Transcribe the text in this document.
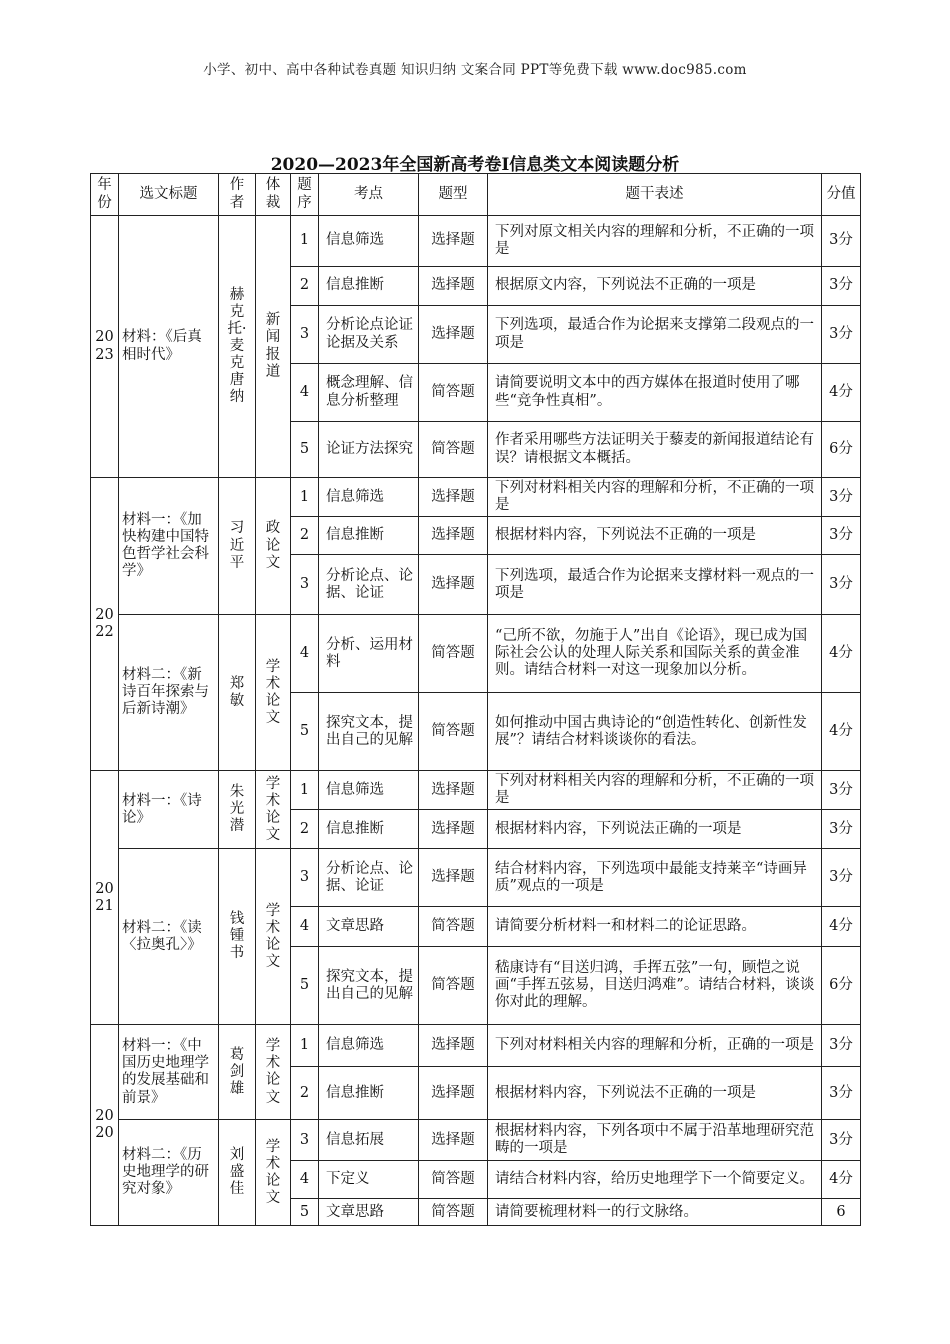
小学、初中、高中各种试卷真题 知识归纳 文案合同 PPT等免费下载 www.doc985.com
2020—2023年全国新高考卷Ⅰ信息类文本阅读题分析
年份	选文标题	作者	体裁	题序	考点	题型	题干表述	分值
2023	材料：《后真相时代》	赫克托·麦克唐纳	新闻报道	1	信息筛选	选择题	下列对原文相关内容的理解和分析，不正确的一项是	3分
				2	信息推断	选择题	根据原文内容，下列说法不正确的一项是	3分
				3	分析论点论证论据及关系	选择题	下列选项，最适合作为论据来支撑第二段观点的一项是	3分
				4	概念理解、信息分析整理	简答题	请简要说明文本中的西方媒体在报道时使用了哪些“竞争性真相”。	4分
				5	论证方法探究	简答题	作者采用哪些方法证明关于藜麦的新闻报道结论有误？请根据文本概括。	6分
2022	材料一：《加快构建中国特色哲学社会科学》	习近平	政论文	1	信息筛选	选择题	下列对材料相关内容的理解和分析，不正确的一项是	3分
				2	信息推断	选择题	根据材料内容，下列说法不正确的一项是	3分
				3	分析论点、论据、论证	选择题	下列选项，最适合作为论据来支撑材料一观点的一项是	3分
	材料二：《新诗百年探索与后新诗潮》	郑敏	学术论文	4	分析、运用材料	简答题	“己所不欲，勿施于人”出自《论语》，现已成为国际社会公认的处理人际关系和国际关系的黄金准则。请结合材料一对这一现象加以分析。	4分
				5	探究文本，提出自己的见解	简答题	如何推动中国古典诗论的“创造性转化、创新性发展”？请结合材料谈谈你的看法。	4分
2021	材料一：《诗论》	朱光潜	学术论文	1	信息筛选	选择题	下列对材料相关内容的理解和分析，不正确的一项是	3分
				2	信息推断	选择题	根据材料内容，下列说法正确的一项是	3分
	材料二：《读〈拉奥孔〉》	钱锺书	学术论文	3	分析论点、论据、论证	选择题	结合材料内容，下列选项中最能支持莱辛“诗画异质”观点的一项是	3分
				4	文章思路	简答题	请简要分析材料一和材料二的论证思路。	4分
				5	探究文本，提出自己的见解	简答题	嵇康诗有“目送归鸿，手挥五弦”一句，顾恺之说画“手挥五弦易，目送归鸿难”。请结合材料，谈谈你对此的理解。	6分
2020	材料一：《中国历史地理学的发展基础和前景》	葛剑雄	学术论文	1	信息筛选	选择题	下列对材料相关内容的理解和分析，正确的一项是	3分
				2	信息推断	选择题	根据材料内容，下列说法不正确的一项是	3分
	材料二：《历史地理学的研究对象》	刘盛佳	学术论文	3	信息拓展	选择题	根据材料内容，下列各项中不属于沿革地理研究范畴的一项是	3分
				4	下定义	简答题	请结合材料内容，给历史地理学下一个简要定义。	4分
				5	文章思路	简答题	请简要梳理材料一的行文脉络。	6
